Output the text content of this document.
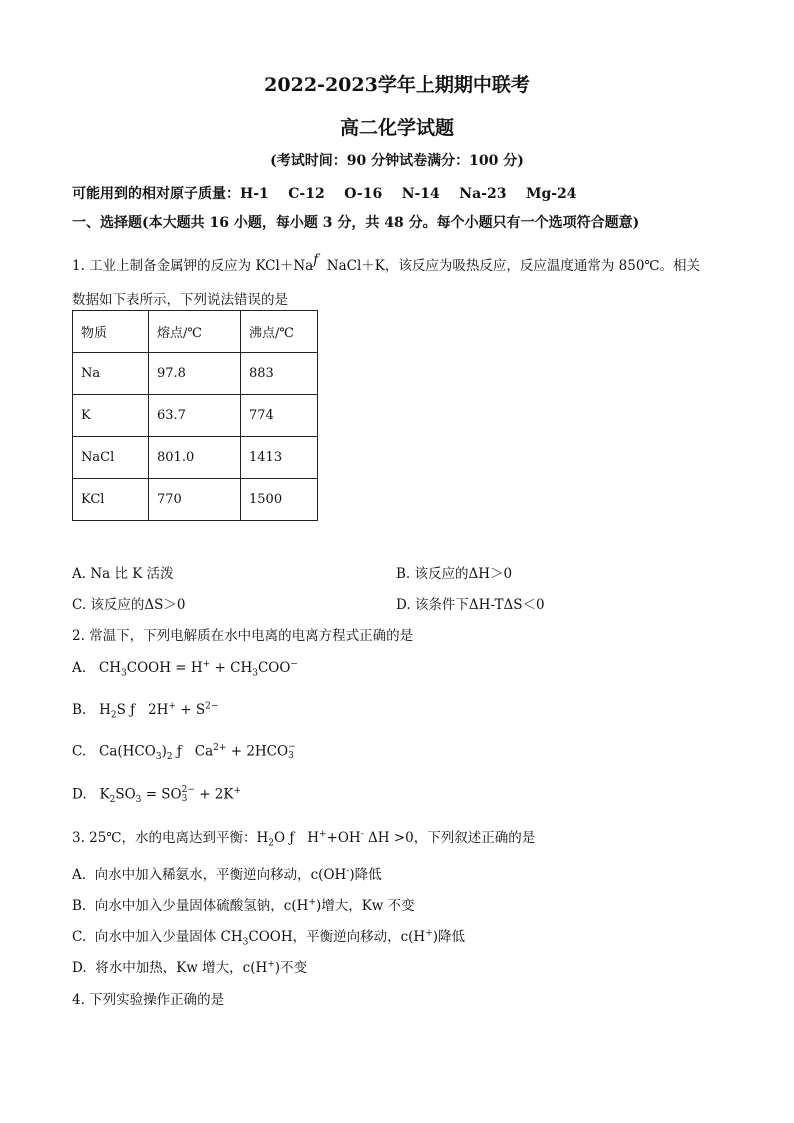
2022-2023学年上期期中联考
高二化学试题
(考试时间：90 分钟试卷满分：100 分)
可能用到的相对原子质量：H-1    C-12    O-16    N-14    Na-23    Mg-24
一、选择题(本大题共 16 小题，每小题 3 分，共 48 分。每个小题只有一个选项符合题意)
1. 工业上制备金属钾的反应为 KCl＋Naƒ  NaCl＋K，该反应为吸热反应，反应温度通常为 850℃。相关
数据如下表所示，下列说法错误的是
物质	熔点/℃	沸点/℃
Na	97.8	883
K	63.7	774
NaCl	801.0	1413
KCl	770	1500
A. Na 比 K 活泼	B. 该反应的ΔH＞0
C. 该反应的ΔS＞0	D. 该条件下ΔH-TΔS＜0
2. 常温下，下列电解质在水中电离的电离方程式正确的是
A. $CH_3COOH = H^+ + CH_3COO^-$
B. $H_2S$ ƒ   $2H^+ + S^{2-}$
C. $Ca(HCO_3)_2$ ƒ   $Ca^{2+} + 2HCO$ −
3
D. $K_2SO_3$ = SO 2−
3 + 2K+
3. 25℃，水的电离达到平衡：$H_2O$ ƒ   H++OH- ΔH >0，下列叙述正确的是
A.  向水中加入稀氨水，平衡逆向移动，c(OH-)降低
B.  向水中加入少量固体硫酸氢钠，c(H+)增大，Kw 不变
C.  向水中加入少量固体 $CH_3COOH$，平衡逆向移动，c(H+)降低
D.  将水中加热，Kw 增大，c(H+)不变
4. 下列实验操作正确的是
